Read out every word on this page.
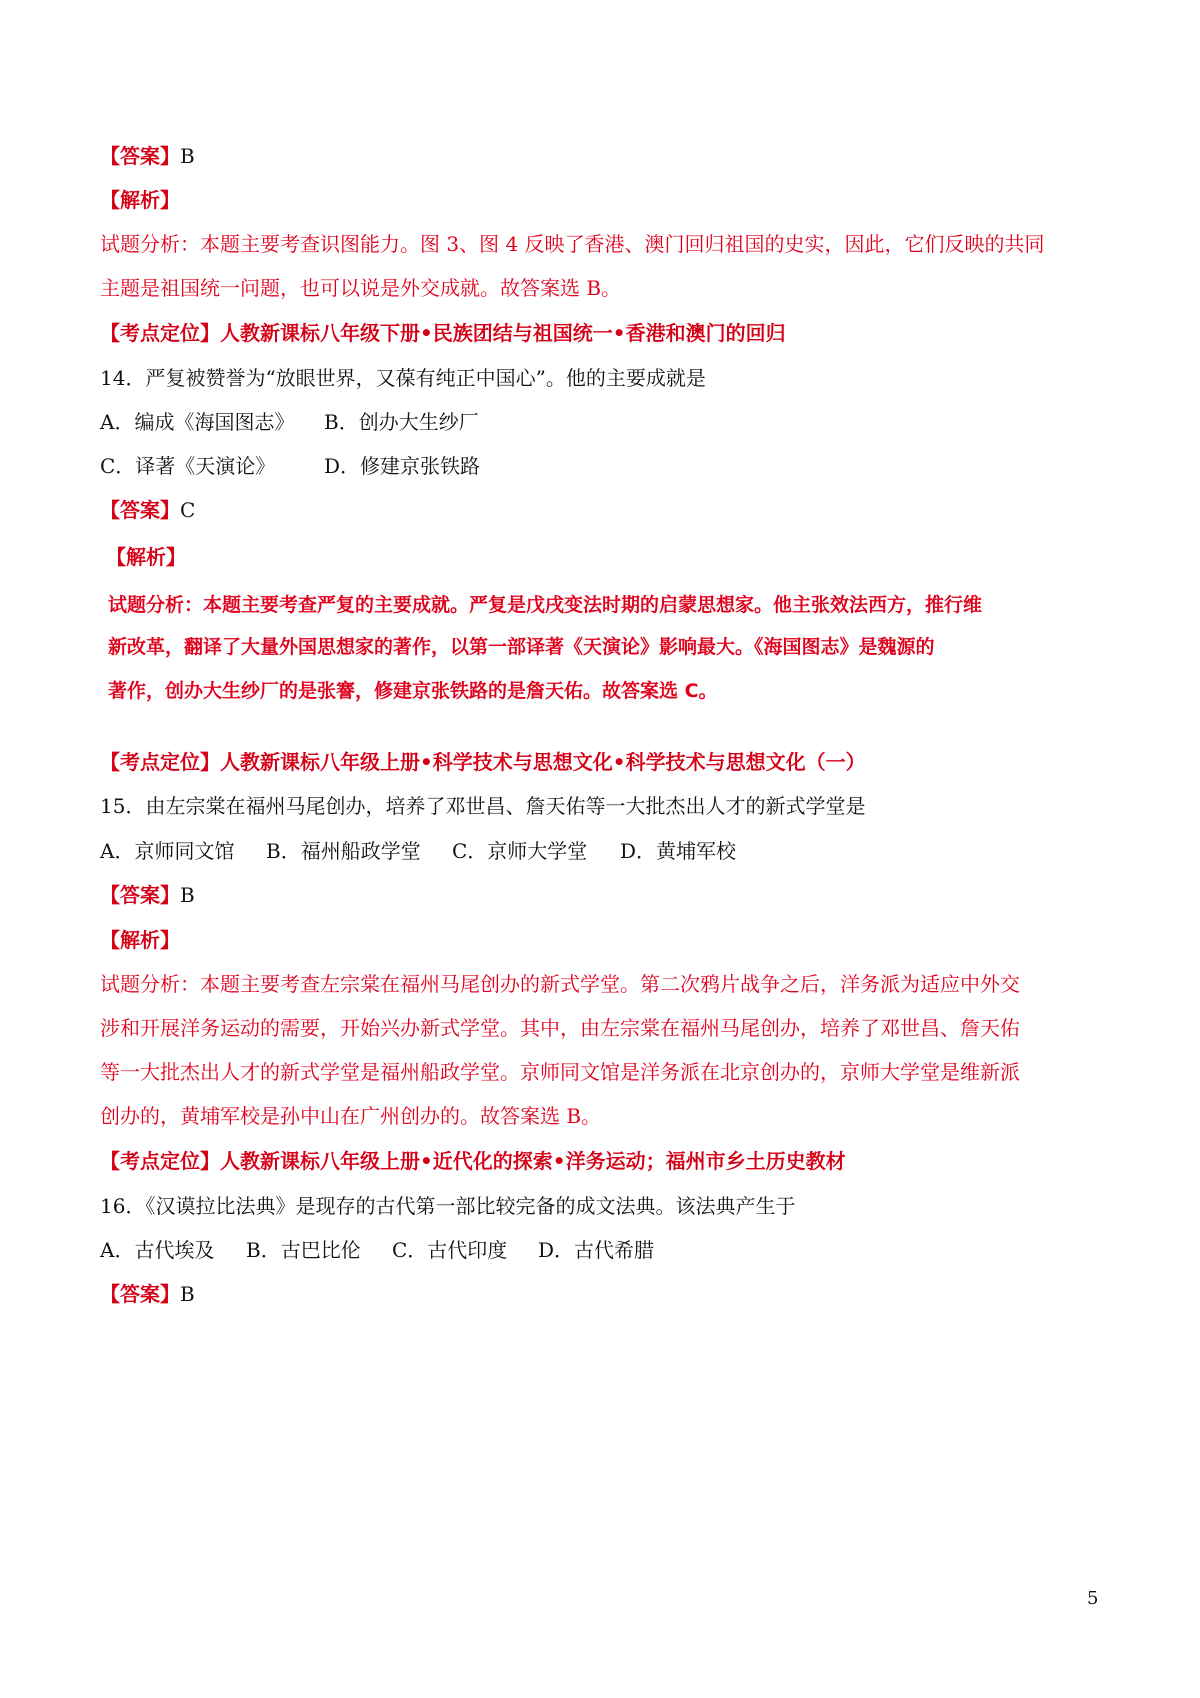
【答案】B
【解析】
试题分析：本题主要考查识图能力。图 3、图 4 反映了香港、澳门回归祖国的史实，因此，它们反映的共同
主题是祖国统一问题，也可以说是外交成就。故答案选 B。
【考点定位】人教新课标八年级下册•民族团结与祖国统一•香港和澳门的回归
14．严复被赞誉为“放眼世界，又葆有纯正中国心”。他的主要成就是
A．编成《海国图志》 B．创办大生纱厂
C．译著《天演论》 D．修建京张铁路
【答案】C
【解析】
试题分析：本题主要考查严复的主要成就。严复是戊戌变法时期的启蒙思想家。他主张效法西方，推行维
新改革，翻译了大量外国思想家的著作，以第一部译著《天演论》影响最大。《海国图志》是魏源的
著作，创办大生纱厂的是张謇，修建京张铁路的是詹天佑。故答案选 C。
【考点定位】人教新课标八年级上册•科学技术与思想文化•科学技术与思想文化（一）
15．由左宗棠在福州马尾创办，培养了邓世昌、詹天佑等一大批杰出人才的新式学堂是
A．京师同文馆 B．福州船政学堂 C．京师大学堂 D．黄埔军校
【答案】B
【解析】
试题分析：本题主要考查左宗棠在福州马尾创办的新式学堂。第二次鸦片战争之后，洋务派为适应中外交
涉和开展洋务运动的需要，开始兴办新式学堂。其中，由左宗棠在福州马尾创办，培养了邓世昌、詹天佑
等一大批杰出人才的新式学堂是福州船政学堂。京师同文馆是洋务派在北京创办的，京师大学堂是维新派
创办的，黄埔军校是孙中山在广州创办的。故答案选 B。
【考点定位】人教新课标八年级上册•近代化的探索•洋务运动；福州市乡土历史教材
16．《汉谟拉比法典》是现存的古代第一部比较完备的成文法典。该法典产生于
A．古代埃及 B．古巴比伦 C．古代印度 D．古代希腊
【答案】B
5
